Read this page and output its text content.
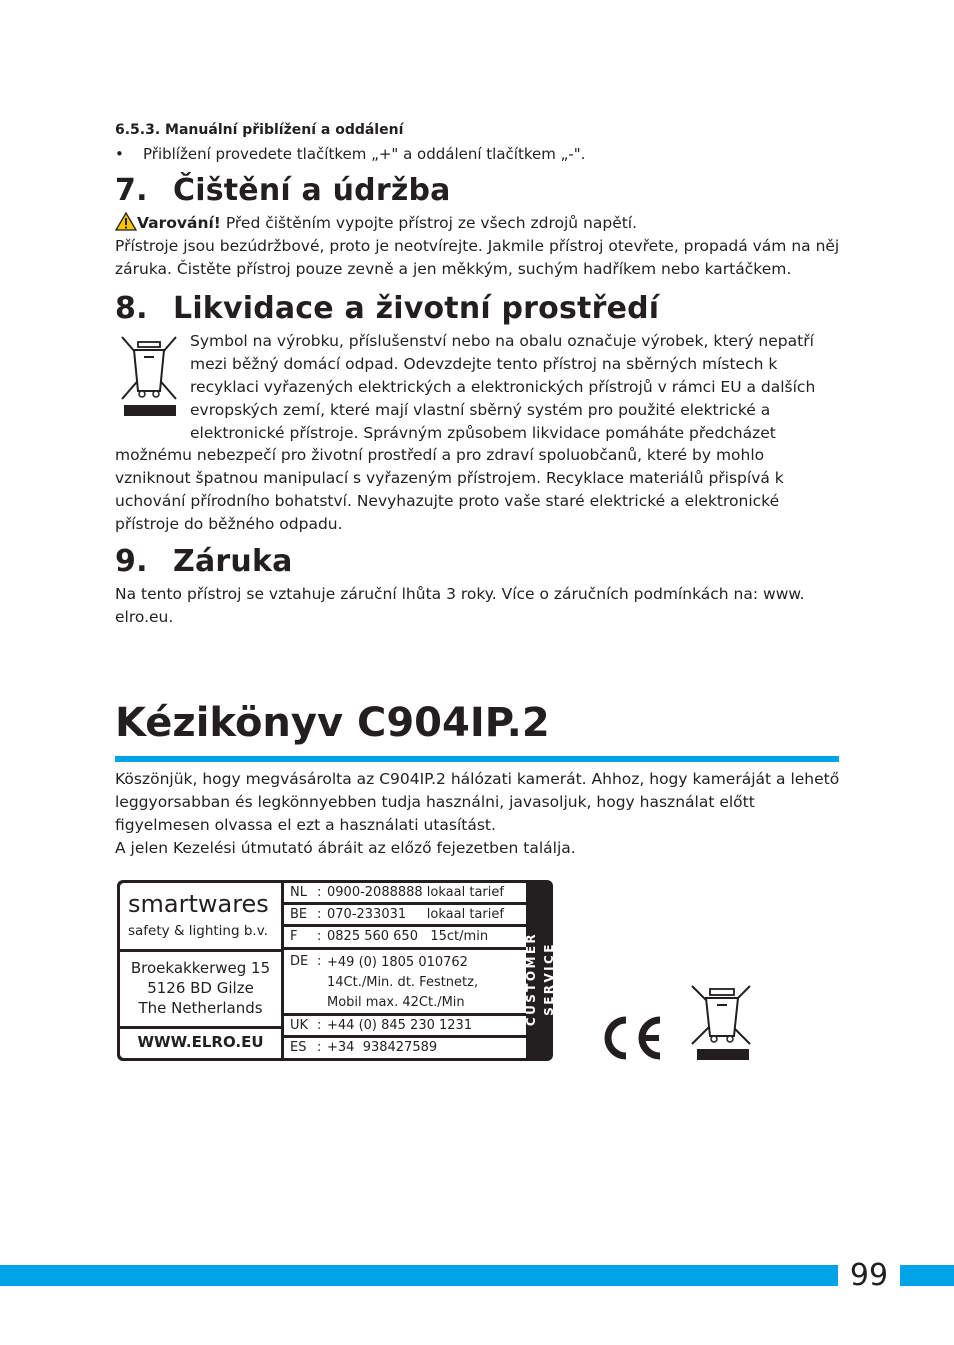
6.5.3. Manuální přiblížení a oddálení
• Přiblížení provedete tlačítkem „+" a oddálení tlačítkem „-".
7. Čištění a údržba
Varování! Před čištěním vypojte přístroj ze všech zdrojů napětí.
Přístroje jsou bezúdržbové, proto je neotvírejte. Jakmile přístroj otevřete, propadá vám na něj záruka. Čistěte přístroj pouze zevně a jen měkkým, suchým hadříkem nebo kartáčkem.
8. Likvidace a životní prostředí
Symbol na výrobku, příslušenství nebo na obalu označuje výrobek, který nepatří mezi běžný domácí odpad. Odevzdejte tento přístroj na sběrných místech k recyklaci vyřazených elektrických a elektronických přístrojů v rámci EU a dalších evropských zemí, které mají vlastní sběrný systém pro použité elektrické a elektronické přístroje. Správným způsobem likvidace pomáháte předcházet
možnému nebezpečí pro životní prostředí a pro zdraví spoluobčanů, které by mohlo vzniknout špatnou manipulací s vyřazeným přístrojem. Recyklace materiálů přispívá k uchování přírodního bohatství. Nevyhazujte proto vaše staré elektrické a elektronické přístroje do běžného odpadu.
9. Záruka
Na tento přístroj se vztahuje záruční lhůta 3 roky. Více o záručních podmínkách na: www. elro.eu.
Kézikönyv C904IP.2
Köszönjük, hogy megvásárolta az C904IP.2 hálózati kamerát. Ahhoz, hogy kameráját a lehető leggyorsabban és legkönnyebben tudja használni, javasoljuk, hogy használat előtt figyelmesen olvassa el ezt a használati utasítást.
A jelen Kezelési útmutató ábráit az előző fejezetben találja.
smartwares
safety & lighting b.v.
Broekakkerweg 15
5126 BD Gilze
The Netherlands
WWW.ELRO.EU
NL : 0900-2088888 lokaal tarief
BE : 070-233031     lokaal tarief
F : 0825 560 650   15ct/min
DE : +49 (0) 1805 010762
14Ct./Min. dt. Festnetz,
Mobil max. 42Ct./Min
UK : +44 (0) 845 230 1231
ES : +34  938427589
CUSTOMER SERVICE
99
